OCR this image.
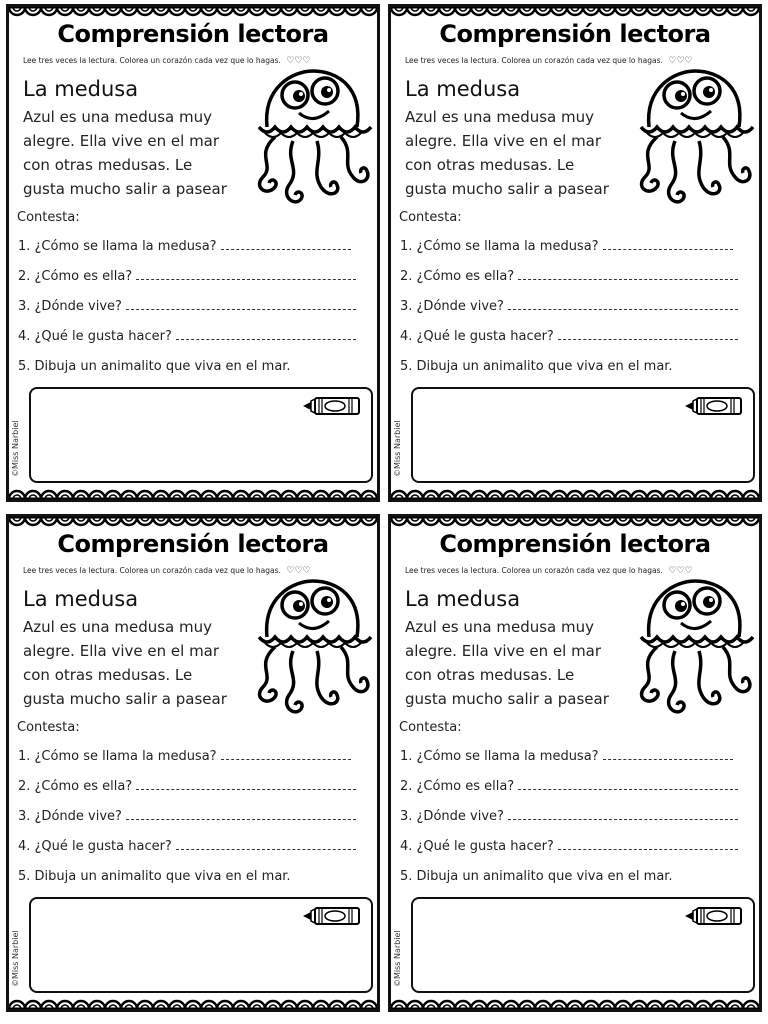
Comprensión lectora
Lee tres veces la lectura. Colorea un corazón cada vez que lo hagas. ♡♡♡
La medusa
Azul es una medusa muy
alegre. Ella vive en el mar
con otras medusas. Le
gusta mucho salir a pasear
Contesta:
1. ¿Cómo se llama la medusa?
2. ¿Cómo es ella?
3. ¿Dónde vive?
4. ¿Qué le gusta hacer?
5. Dibuja un animalito que viva en el mar.
©Miss Narbiel
Comprensión lectora
Lee tres veces la lectura. Colorea un corazón cada vez que lo hagas. ♡♡♡
La medusa
Azul es una medusa muy
alegre. Ella vive en el mar
con otras medusas. Le
gusta mucho salir a pasear
Contesta:
1. ¿Cómo se llama la medusa?
2. ¿Cómo es ella?
3. ¿Dónde vive?
4. ¿Qué le gusta hacer?
5. Dibuja un animalito que viva en el mar.
©Miss Narbiel
Comprensión lectora
Lee tres veces la lectura. Colorea un corazón cada vez que lo hagas. ♡♡♡
La medusa
Azul es una medusa muy
alegre. Ella vive en el mar
con otras medusas. Le
gusta mucho salir a pasear
Contesta:
1. ¿Cómo se llama la medusa?
2. ¿Cómo es ella?
3. ¿Dónde vive?
4. ¿Qué le gusta hacer?
5. Dibuja un animalito que viva en el mar.
©Miss Narbiel
Comprensión lectora
Lee tres veces la lectura. Colorea un corazón cada vez que lo hagas. ♡♡♡
La medusa
Azul es una medusa muy
alegre. Ella vive en el mar
con otras medusas. Le
gusta mucho salir a pasear
Contesta:
1. ¿Cómo se llama la medusa?
2. ¿Cómo es ella?
3. ¿Dónde vive?
4. ¿Qué le gusta hacer?
5. Dibuja un animalito que viva en el mar.
©Miss Narbiel
